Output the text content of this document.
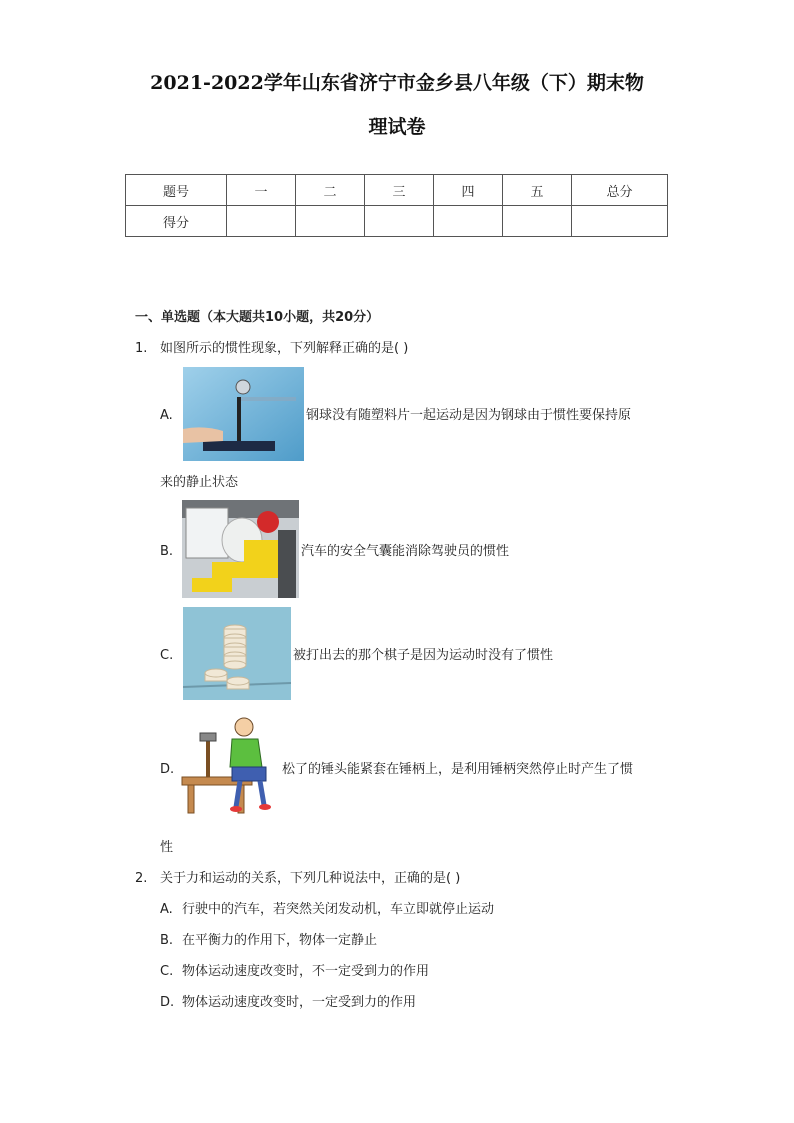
2021-2022学年山东省济宁市金乡县八年级（下）期末物
理试卷
题号	一	二	三	四	五	总分
得分						
一、单选题（本大题共10小题，共20分）
1. 如图所示的惯性现象，下列解释正确的是( )
A.	钢球没有随塑料片一起运动是因为钢球由于惯性要保持原
来的静止状态
B.	汽车的安全气囊能消除驾驶员的惯性
C.	被打出去的那个棋子是因为运动时没有了惯性
D.	松了的锤头能紧套在锤柄上，是利用锤柄突然停止时产生了惯
性
2. 关于力和运动的关系，下列几种说法中，正确的是( )
A. 行驶中的汽车，若突然关闭发动机，车立即就停止运动
B. 在平衡力的作用下，物体一定静止
C. 物体运动速度改变时，不一定受到力的作用
D. 物体运动速度改变时，一定受到力的作用
